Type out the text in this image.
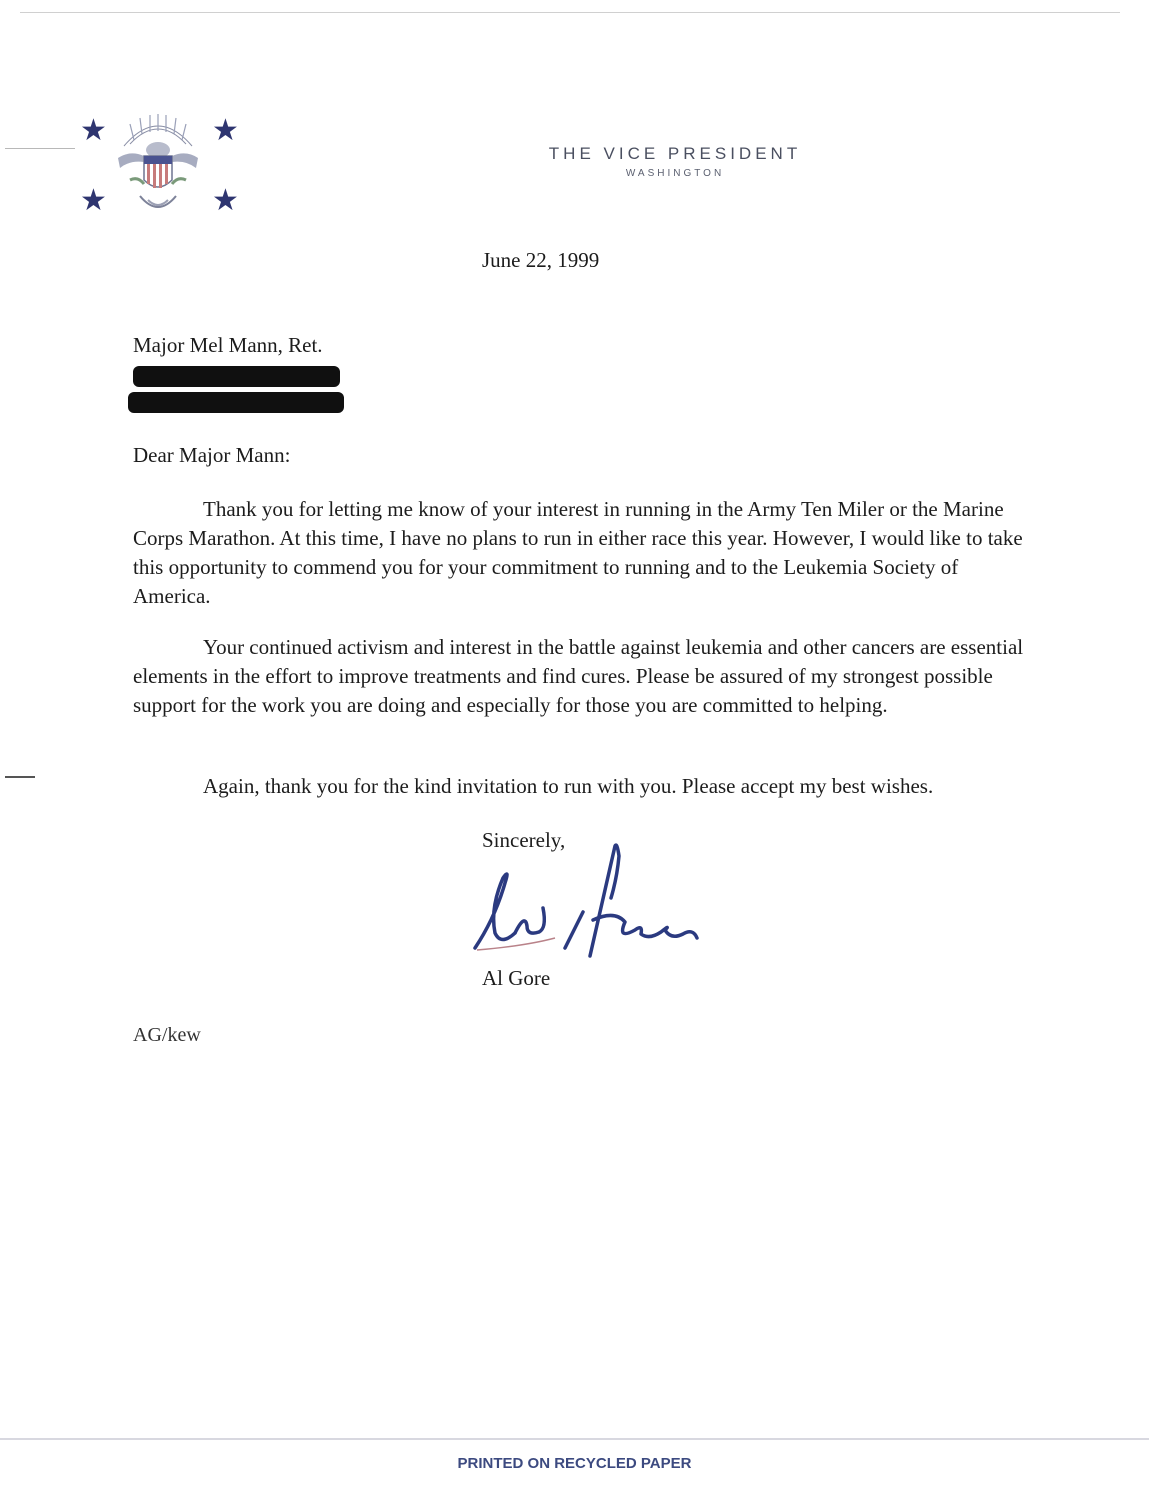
★	★
★	★
THE VICE PRESIDENT
WASHINGTON
June 22, 1999
Major Mel Mann, Ret.
Dear Major Mann:

Thank you for letting me know of your interest in running in the Army Ten Miler or the Marine Corps Marathon. At this time, I have no plans to run in either race this year. However, I would like to take this opportunity to commend you for your commitment to running and to the Leukemia Society of America.

Your continued activism and interest in the battle against leukemia and other cancers are essential elements in the effort to improve treatments and find cures. Please be assured of my strongest possible support for the work you are doing and especially for those you are committed to helping.

Again, thank you for the kind invitation to run with you. Please accept my best wishes.

Sincerely,
Al Gore
AG/kew
PRINTED ON RECYCLED PAPER
